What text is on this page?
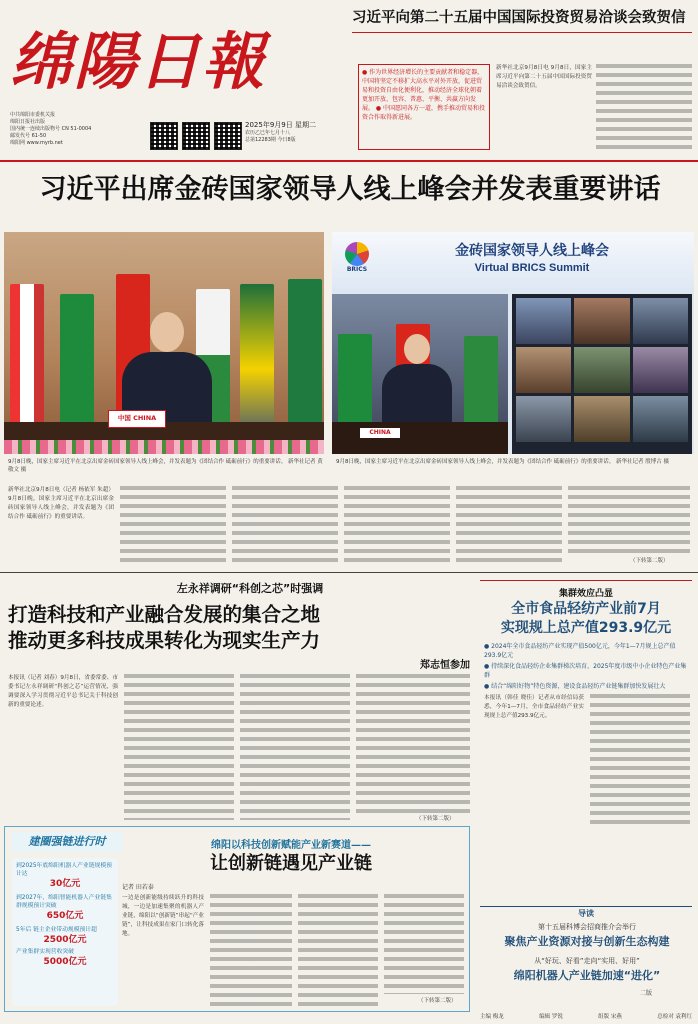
绵陽日報
中共绵阳市委机关报
绵阳日报社出版
国内统一连续出版物号 CN 51-0004
邮发代号 61-50
绵阳网 www.myrb.net
2025年9月9日 星期二
农历乙巳年七月十八
总第12283期 今日8版
习近平向第二十五届中国国际投资贸易洽谈会致贺信
● 作为世界经济增长的主要贡献者和稳定器，中国将坚定不移扩大高水平对外开放，促进贸易和投资自由化便利化，推动经济全球化朝着更加开放、包容、普惠、平衡、共赢方向发展。 ● 中国愿同各方一道，携手推动贸易和投资合作取得新进展。
新华社北京9月8日电 9月8日，国家主席习近平向第二十五届中国国际投资贸易洽谈会致贺信。
习近平出席金砖国家领导人线上峰会并发表重要讲话
中国 CHINA
BRICS
金砖国家领导人线上峰会
Virtual BRICS Summit
CHINA
9月8日晚，国家主席习近平在北京出席金砖国家领导人线上峰会，并发表题为《团结合作 砥砺前行》的重要讲话。 新华社记者 黄敬文 摄
9月8日晚，国家主席习近平在北京出席金砖国家领导人线上峰会，并发表题为《团结合作 砥砺前行》的重要讲话。 新华社记者 殷博古 摄
新华社北京9月8日电（记者 杨依军 朱超）9月8日晚，国家主席习近平在北京出席金砖国家领导人线上峰会，并发表题为《团结合作 砥砺前行》的重要讲话。
（下转第二版）
左永祥调研“科创之芯”时强调
打造科技和产业融合发展的集合之地
推动更多科技成果转化为现实生产力
郑志恒参加
本报讯（记者 刘春）9月8日，省委常委、市委书记左永祥调研“科创之芯”运营情况，强调要深入学习贯彻习近平总书记关于科技创新的重要论述。
（下转第二版）
集群效应凸显
全市食品轻纺产业前7月
实现规上总产值293.9亿元
● 2024年全市食品轻纺产业实现产值500亿元，今年1—7月规上总产值293.9亿元
● 持续深化食品轻纺企业集群梯次培育，2025年度市级中小企业特色产业集群
● 结合“绵阳好物”特色资源，建设食品轻纺产业链集群加快发展壮大
本报讯（韩佳 晓佳）记者从市经信局获悉，今年1—7月，全市食品轻纺产业实现规上总产值293.9亿元。
建圈强链进行时	绵阳以科技创新赋能产业新赛道——
让创新链遇见产业链
记者 田若泰
到2025年底绵阳机器人产业链规模预计达
30亿元
到2027年，绵阳智能机器人产业链集群规模预计突破
650亿元
5年后 链主企业带动规模预计超
2500亿元
产业集群实现营收突破
5000亿元
一边是创新能级持续跃升的科技城，一边是加速集聚的机器人产业链，绵阳以“创新链”串起“产业链”，让科技成果在家门口转化落地。
（下转第二版）
导读
第十五届科博会招商推介会举行
聚焦产业资源对接与创新生态构建
从“好玩、好看”走向“实用、好用”
绵阳机器人产业链加速“进化”
二版
主编 梅龙	编辑 罗锐	组版 宋燕	总检对 袁利红
